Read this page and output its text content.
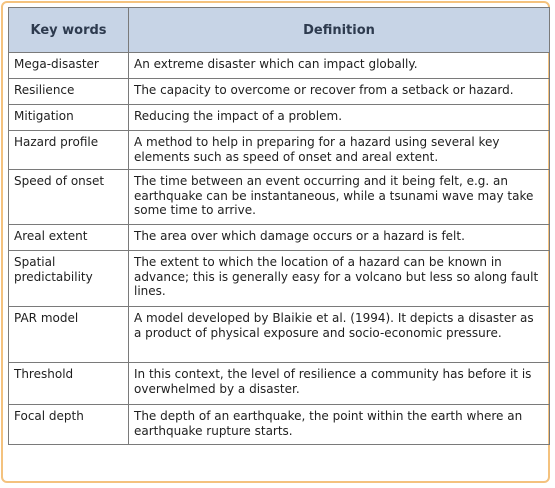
Key words	Definition
Mega-disaster	An extreme disaster which can impact globally.
Resilience	The capacity to overcome or recover from a setback or hazard.
Mitigation	Reducing the impact of a problem.
Hazard profile	A method to help in preparing for a hazard using several key elements such as speed of onset and areal extent.
Speed of onset	The time between an event occurring and it being felt, e.g. an earthquake can be instantaneous, while a tsunami wave may take some time to arrive.
Areal extent	The area over which damage occurs or a hazard is felt.
Spatial predictability	The extent to which the location of a hazard can be known in advance; this is generally easy for a volcano but less so along fault lines.
PAR model	A model developed by Blaikie et al. (1994). It depicts a disaster as a product of physical exposure and socio-economic pressure.
Threshold	In this context, the level of resilience a community has before it is overwhelmed by a disaster.
Focal depth	The depth of an earthquake, the point within the earth where an earthquake rupture starts.
